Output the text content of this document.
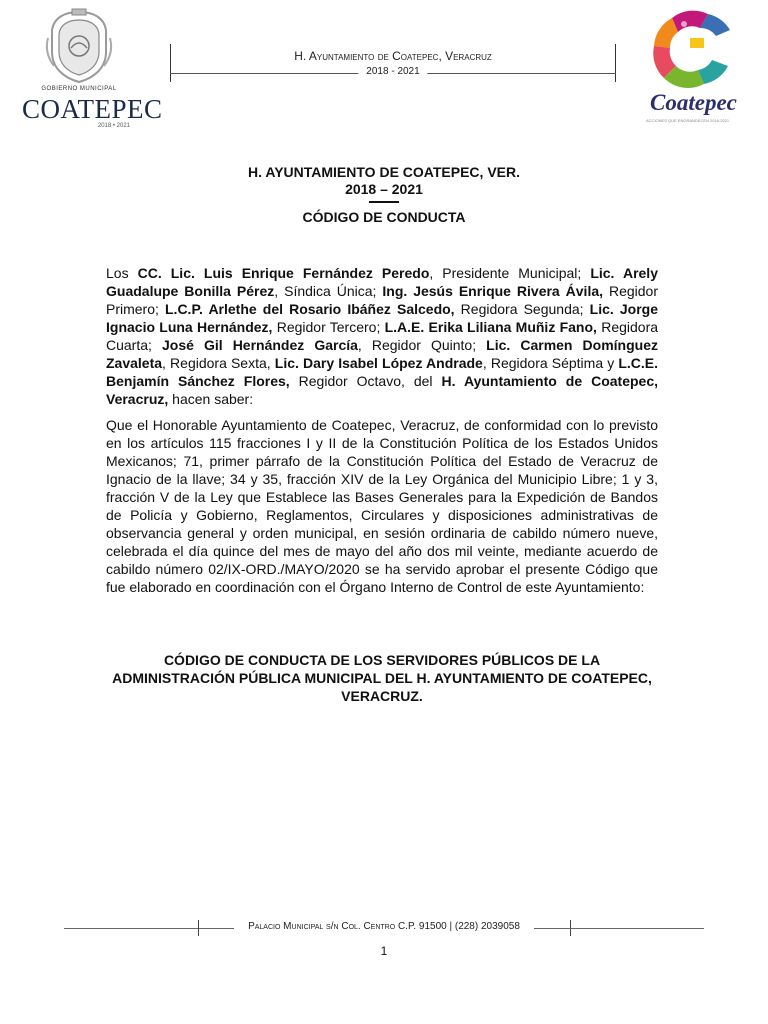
GOBIERNO MUNICIPAL
COATEPEC
2018 • 2021
H. Ayuntamiento de Coatepec, Veracruz
2018 - 2021
Coatepec
ACCIONES QUE ENGRANDECEN 2018-2021
H. AYUNTAMIENTO DE COATEPEC, VER.
2018 – 2021
CÓDIGO DE CONDUCTA
Los CC. Lic. Luis Enrique Fernández Peredo, Presidente Municipal; Lic. Arely Guadalupe Bonilla Pérez, Síndica Única; Ing. Jesús Enrique Rivera Ávila, Regidor Primero; L.C.P. Arlethe del Rosario Ibáñez Salcedo, Regidora Segunda; Lic. Jorge Ignacio Luna Hernández, Regidor Tercero; L.A.E. Erika Liliana Muñiz Fano, Regidora Cuarta; José Gil Hernández García, Regidor Quinto; Lic. Carmen Domínguez Zavaleta, Regidora Sexta, Lic. Dary Isabel López Andrade, Regidora Séptima y L.C.E. Benjamín Sánchez Flores, Regidor Octavo, del H. Ayuntamiento de Coatepec, Veracruz, hacen saber:
Que el Honorable Ayuntamiento de Coatepec, Veracruz, de conformidad con lo previsto en los artículos 115 fracciones I y II de la Constitución Política de los Estados Unidos Mexicanos; 71, primer párrafo de la Constitución Política del Estado de Veracruz de Ignacio de la llave; 34 y 35, fracción XIV de la Ley Orgánica del Municipio Libre; 1 y 3, fracción V de la Ley que Establece las Bases Generales para la Expedición de Bandos de Policía y Gobierno, Reglamentos, Circulares y disposiciones administrativas de observancia general y orden municipal, en sesión ordinaria de cabildo número nueve, celebrada el día quince del mes de mayo del año dos mil veinte, mediante acuerdo de cabildo número 02/IX-ORD./MAYO/2020 se ha servido aprobar el presente Código que fue elaborado en coordinación con el Órgano Interno de Control de este Ayuntamiento:
CÓDIGO DE CONDUCTA DE LOS SERVIDORES PÚBLICOS DE LA ADMINISTRACIÓN PÚBLICA MUNICIPAL DEL H. AYUNTAMIENTO DE COATEPEC, VERACRUZ.
Palacio Municipal s/n Col. Centro C.P. 91500 | (228) 2039058
1
